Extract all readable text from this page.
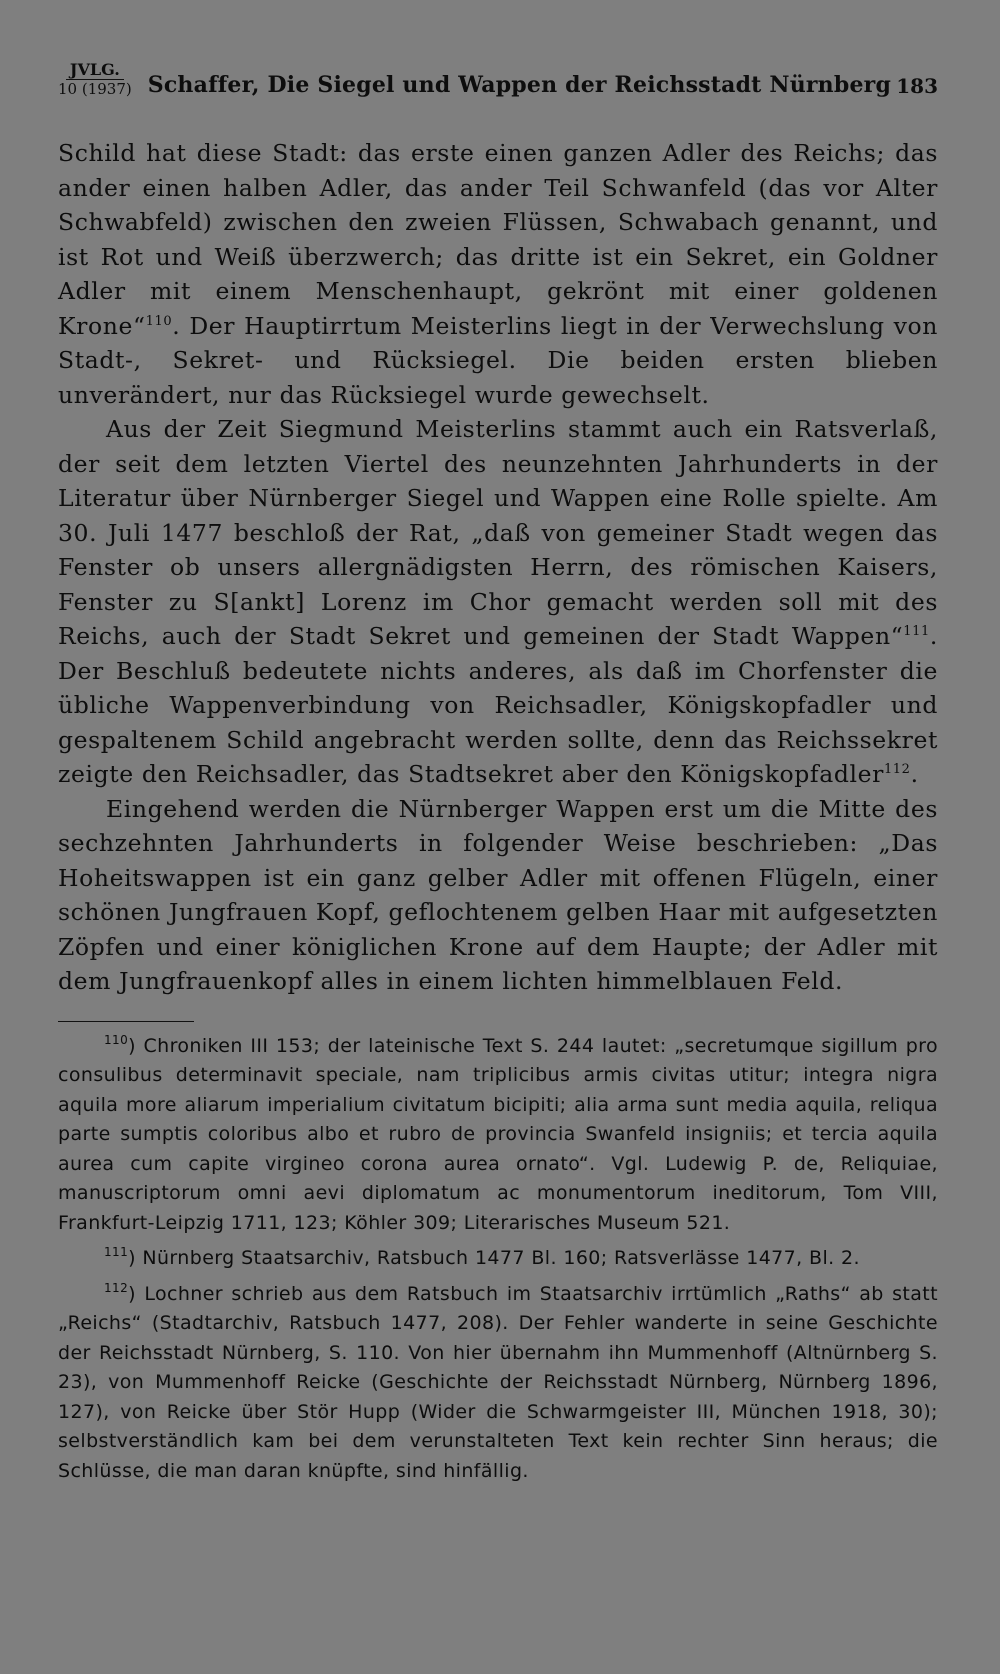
JVLG.
10 (1937) Schaffer, Die Siegel und Wappen der Reichsstadt Nürnberg 183

Schild hat diese Stadt: das erste einen ganzen Adler des Reichs; das ander einen halben Adler, das ander Teil Schwanfeld (das vor Alter Schwabfeld) zwischen den zweien Flüssen, Schwabach genannt, und ist Rot und Weiß überzwerch; das dritte ist ein Sekret, ein Goldner Adler mit einem Menschenhaupt, gekrönt mit einer goldenen Krone“$^{110}$. Der Hauptirrtum Meisterlins liegt in der Verwechslung von Stadt-, Sekret- und Rücksiegel. Die beiden ersten blieben unverändert, nur das Rücksiegel wurde gewechselt.

Aus der Zeit Siegmund Meisterlins stammt auch ein Ratsverlaß, der seit dem letzten Viertel des neunzehnten Jahrhunderts in der Literatur über Nürnberger Siegel und Wappen eine Rolle spielte. Am 30. Juli 1477 beschloß der Rat, „daß von gemeiner Stadt wegen das Fenster ob unsers allergnädigsten Herrn, des römischen Kaisers, Fenster zu S[ankt] Lorenz im Chor gemacht werden soll mit des Reichs, auch der Stadt Sekret und gemeinen der Stadt Wappen“$^{111}$. Der Beschluß bedeutete nichts anderes, als daß im Chorfenster die übliche Wappenverbindung von Reichsadler, Königskopfadler und gespaltenem Schild angebracht werden sollte, denn das Reichssekret zeigte den Reichsadler, das Stadtsekret aber den Königskopfadler$^{112}$.

Eingehend werden die Nürnberger Wappen erst um die Mitte des sechzehnten Jahrhunderts in folgender Weise beschrieben: „Das Hoheitswappen ist ein ganz gelber Adler mit offenen Flügeln, einer schönen Jungfrauen Kopf, geflochtenem gelben Haar mit aufgesetzten Zöpfen und einer königlichen Krone auf dem Haupte; der Adler mit dem Jungfrauenkopf alles in einem lichten himmelblauen Feld.

$^{110}$) Chroniken III 153; der lateinische Text S. 244 lautet: „secretumque sigillum pro consulibus determinavit speciale, nam triplicibus armis civitas utitur; integra nigra aquila more aliarum imperialium civitatum bicipiti; alia arma sunt media aquila, reliqua parte sumptis coloribus albo et rubro de provincia Swanfeld insigniis; et tercia aquila aurea cum capite virgineo corona aurea ornato“. Vgl. Ludewig P. de, Reliquiae, manuscriptorum omni aevi diplomatum ac monumentorum ineditorum, Tom VIII, Frankfurt-Leipzig 1711, 123; Köhler 309; Literarisches Museum 521.

$^{111}$) Nürnberg Staatsarchiv, Ratsbuch 1477 Bl. 160; Ratsverlässe 1477, Bl. 2.

$^{112}$) Lochner schrieb aus dem Ratsbuch im Staatsarchiv irrtümlich „Raths“ ab statt „Reichs“ (Stadtarchiv, Ratsbuch 1477, 208). Der Fehler wanderte in seine Geschichte der Reichsstadt Nürnberg, S. 110. Von hier übernahm ihn Mummenhoff (Altnürnberg S. 23), von Mummenhoff Reicke (Geschichte der Reichsstadt Nürnberg, Nürnberg 1896, 127), von Reicke über Stör Hupp (Wider die Schwarmgeister III, München 1918, 30); selbstverständlich kam bei dem verunstalteten Text kein rechter Sinn heraus; die Schlüsse, die man daran knüpfte, sind hinfällig.
